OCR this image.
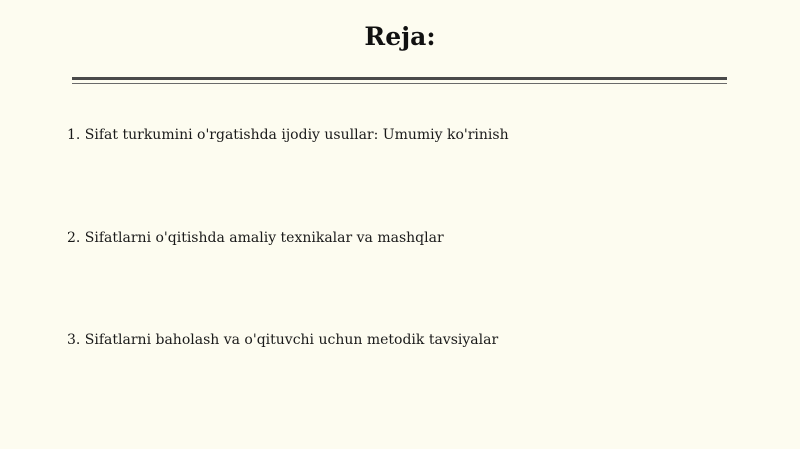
Reja:
1. Sifat turkumini o'rgatishda ijodiy usullar: Umumiy ko'rinish
2. Sifatlarni o'qitishda amaliy texnikalar va mashqlar
3. Sifatlarni baholash va o'qituvchi uchun metodik tavsiyalar
